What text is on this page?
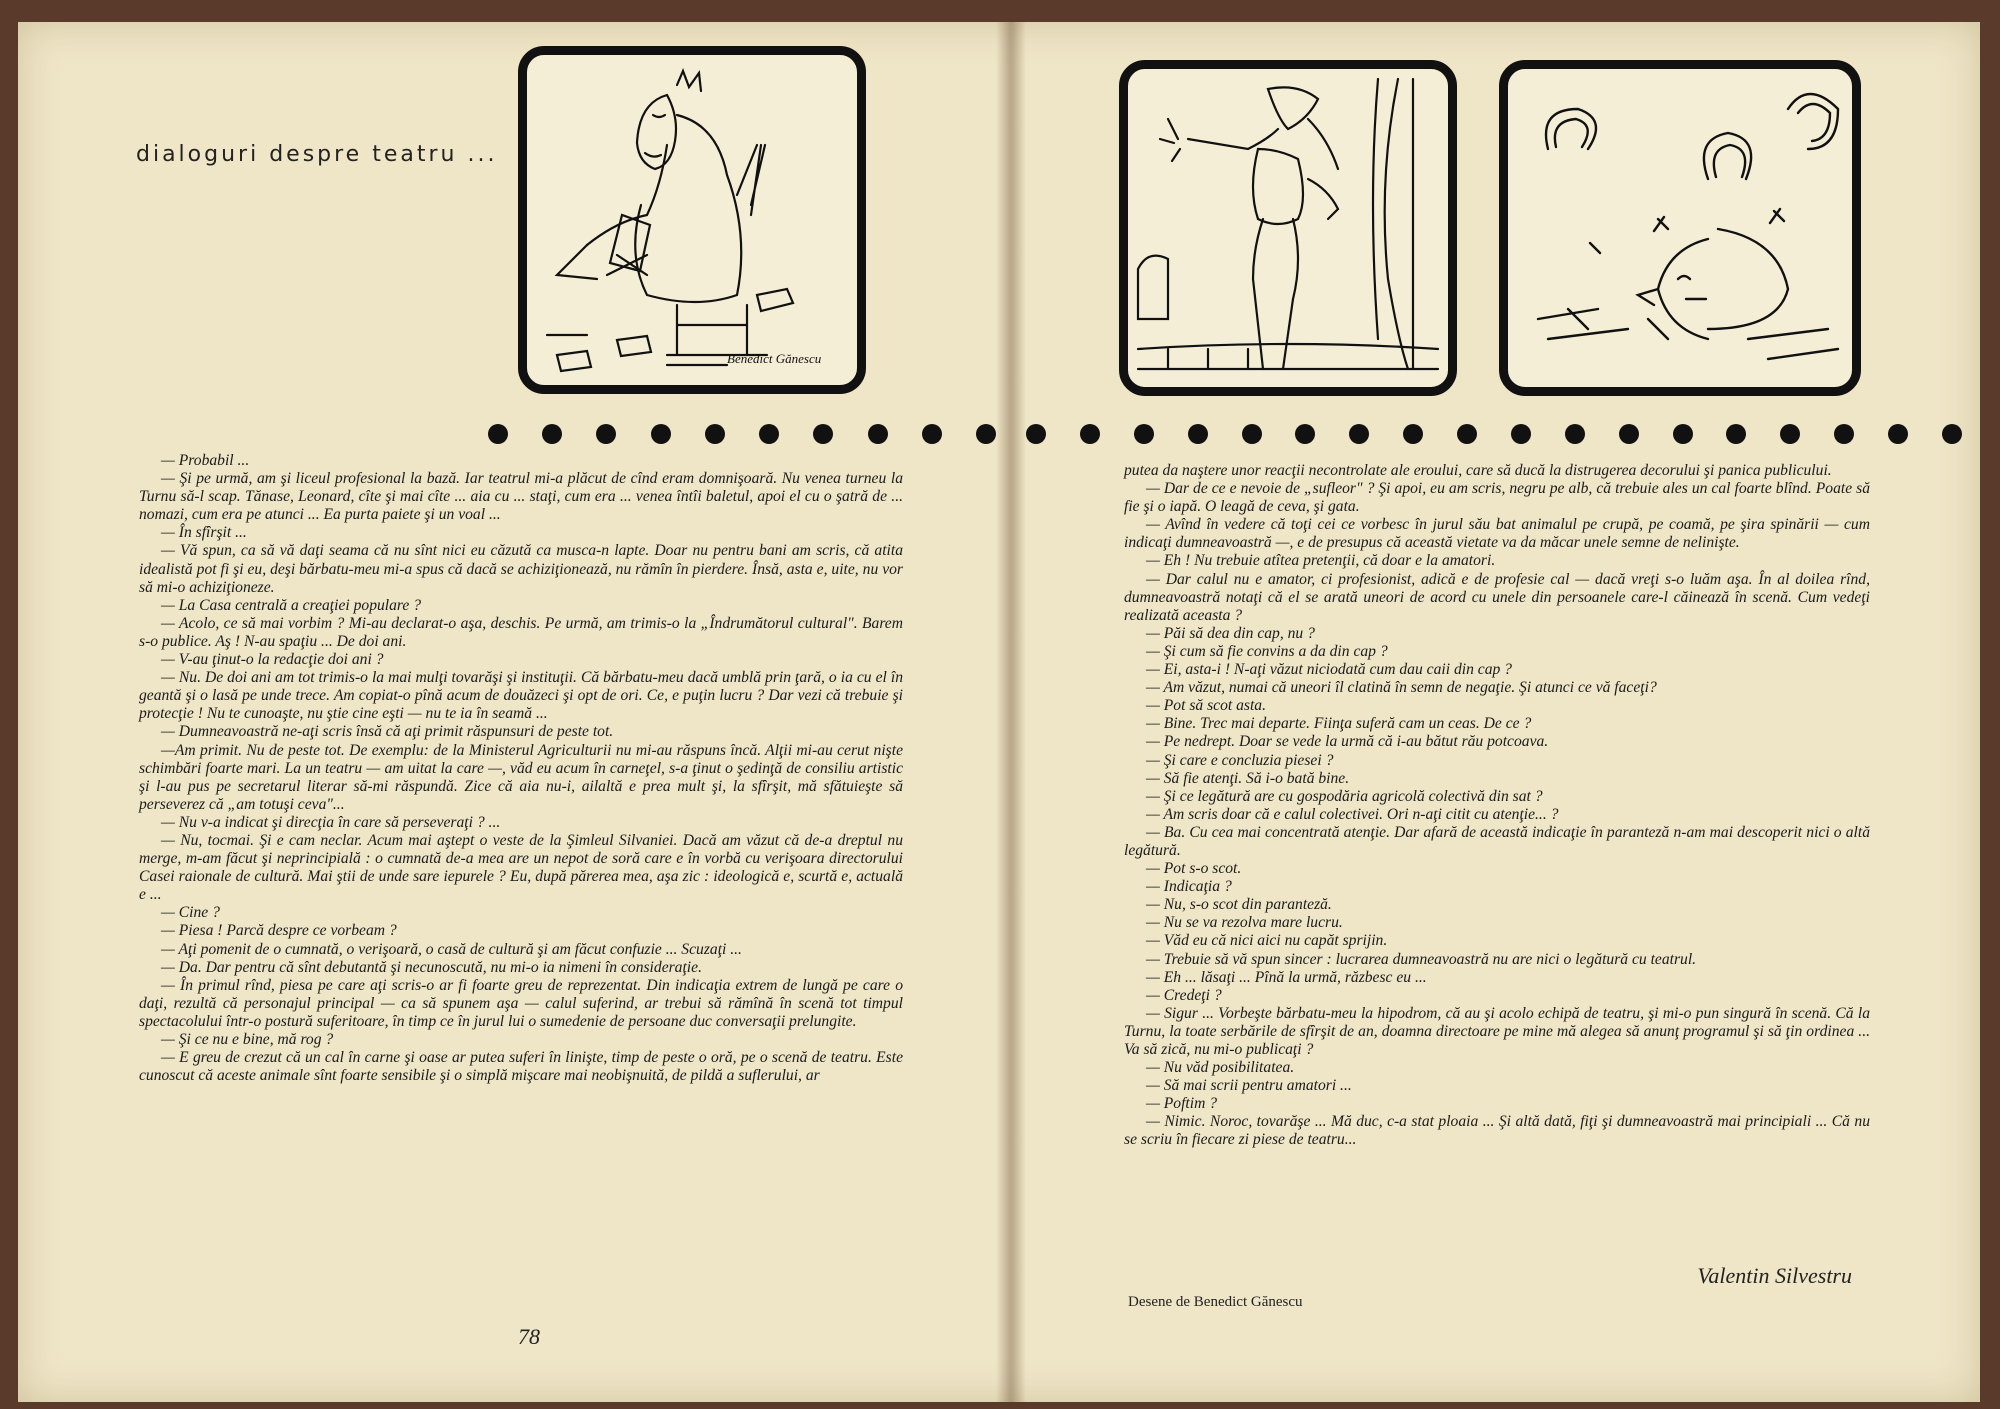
dialoguri despre teatru ...
Benedict Gănescu

— Probabil ...

— Şi pe urmă, am şi liceul profesional la bază. Iar teatrul mi-a plăcut de cînd eram domnişoară. Nu venea turneu la Turnu să-l scap. Tănase, Leonard, cîte şi mai cîte ... aia cu ... staţi, cum era ... venea întîi baletul, apoi el cu o şatră de ... nomazi, cum era pe atunci ... Ea purta paiete şi un voal ...

— În sfîrşit ...

— Vă spun, ca să vă daţi seama că nu sînt nici eu căzută ca musca-n lapte. Doar nu pentru bani am scris, că atita idealistă pot fi şi eu, deşi bărbatu-meu mi-a spus că dacă se achiziţionează, nu rămîn în pierdere. Însă, asta e, uite, nu vor să mi-o achiziţioneze.

— La Casa centrală a creaţiei populare ?

— Acolo, ce să mai vorbim ? Mi-au declarat-o aşa, deschis. Pe urmă, am trimis-o la „Îndrumătorul cultural". Barem s-o publice. Aş ! N-au spaţiu ... De doi ani.

— V-au ţinut-o la redacţie doi ani ?

— Nu. De doi ani am tot trimis-o la mai mulţi tovarăşi şi instituţii. Că bărbatu-meu dacă umblă prin ţară, o ia cu el în geantă şi o lasă pe unde trece. Am copiat-o pînă acum de douăzeci şi opt de ori. Ce, e puţin lucru ? Dar vezi că trebuie şi protecţie ! Nu te cunoaşte, nu ştie cine eşti — nu te ia în seamă ...

— Dumneavoastră ne-aţi scris însă că aţi primit răspunsuri de peste tot.

—Am primit. Nu de peste tot. De exemplu: de la Ministerul Agriculturii nu mi-au răspuns încă. Alţii mi-au cerut nişte schimbări foarte mari. La un teatru — am uitat la care —, văd eu acum în carneţel, s-a ţinut o şedinţă de consiliu artistic şi l-au pus pe secretarul literar să-mi răspundă. Zice că aia nu-i, ailaltă e prea mult şi, la sfîrşit, mă sfătuieşte să perseverez că „am totuşi ceva"...

— Nu v-a indicat şi direcţia în care să perseveraţi ? ...

— Nu, tocmai. Şi e cam neclar. Acum mai aştept o veste de la Şimleul Silvaniei. Dacă am văzut că de-a dreptul nu merge, m-am făcut şi neprincipială : o cumnată de-a mea are un nepot de soră care e în vorbă cu verişoara directorului Casei raionale de cultură. Mai ştii de unde sare iepurele ? Eu, după părerea mea, aşa zic : ideologică e, scurtă e, actuală e ...

— Cine ?

— Piesa ! Parcă despre ce vorbeam ?

— Aţi pomenit de o cumnată, o verişoară, o casă de cultură şi am făcut confuzie ... Scuzaţi ...

— Da. Dar pentru că sînt debutantă şi necunoscută, nu mi-o ia nimeni în consideraţie.

— În primul rînd, piesa pe care aţi scris-o ar fi foarte greu de reprezentat. Din indicaţia extrem de lungă pe care o daţi, rezultă că personajul principal — ca să spunem aşa — calul suferind, ar trebui să rămînă în scenă tot timpul spectacolului într-o postură suferitoare, în timp ce în jurul lui o sumedenie de persoane duc conversaţii prelungite.

— Şi ce nu e bine, mă rog ?

— E greu de crezut că un cal în carne şi oase ar putea suferi în linişte, timp de peste o oră, pe o scenă de teatru. Este cunoscut că aceste animale sînt foarte sensibile şi o simplă mişcare mai neobişnuită, de pildă a suflerului, ar

78

putea da naştere unor reacţii necontrolate ale eroului, care să ducă la distrugerea decorului şi panica publicului.

— Dar de ce e nevoie de „sufleor" ? Şi apoi, eu am scris, negru pe alb, că trebuie ales un cal foarte blînd. Poate să fie şi o iapă. O leagă de ceva, şi gata.

— Avînd în vedere că toţi cei ce vorbesc în jurul său bat animalul pe crupă, pe coamă, pe şira spinării — cum indicaţi dumneavoastră —, e de presupus că această vietate va da măcar unele semne de nelinişte.

— Eh ! Nu trebuie atîtea pretenţii, că doar e la amatori.

— Dar calul nu e amator, ci profesionist, adică e de profesie cal — dacă vreţi s-o luăm aşa. În al doilea rînd, dumneavoastră notaţi că el se arată uneori de acord cu unele din persoanele care-l căinează în scenă. Cum vedeţi realizată aceasta ?

— Păi să dea din cap, nu ?

— Şi cum să fie convins a da din cap ?

— Ei, asta-i ! N-aţi văzut niciodată cum dau caii din cap ?

— Am văzut, numai că uneori îl clatină în semn de negaţie. Şi atunci ce vă faceţi?

— Pot să scot asta.

— Bine. Trec mai departe. Fiinţa suferă cam un ceas. De ce ?

— Pe nedrept. Doar se vede la urmă că i-au bătut rău potcoava.

— Şi care e concluzia piesei ?

— Să fie atenţi. Să i-o bată bine.

— Şi ce legătură are cu gospodăria agricolă colectivă din sat ?

— Am scris doar că e calul colectivei. Ori n-aţi citit cu atenţie... ?

— Ba. Cu cea mai concentrată atenţie. Dar afară de această indicaţie în paranteză n-am mai descoperit nici o altă legătură.

— Pot s-o scot.

— Indicaţia ?

— Nu, s-o scot din paranteză.

— Nu se va rezolva mare lucru.

— Văd eu că nici aici nu capăt sprijin.

— Trebuie să vă spun sincer : lucrarea dumneavoastră nu are nici o legătură cu teatrul.

— Eh ... lăsaţi ... Pînă la urmă, răzbesc eu ...

— Credeţi ?

— Sigur ... Vorbeşte bărbatu-meu la hipodrom, că au şi acolo echipă de teatru, şi mi-o pun singură în scenă. Că la Turnu, la toate serbările de sfîrşit de an, doamna directoare pe mine mă alegea să anunţ programul şi să ţin ordinea ... Va să zică, nu mi-o publicaţi ?

— Nu văd posibilitatea.

— Să mai scrii pentru amatori ...

— Poftim ?

— Nimic. Noroc, tovarăşe ... Mă duc, c-a stat ploaia ... Şi altă dată, fiţi şi dumneavoastră mai principiali ... Că nu se scriu în fiecare zi piese de teatru...

Valentin Silvestru
Desene de Benedict Gănescu
